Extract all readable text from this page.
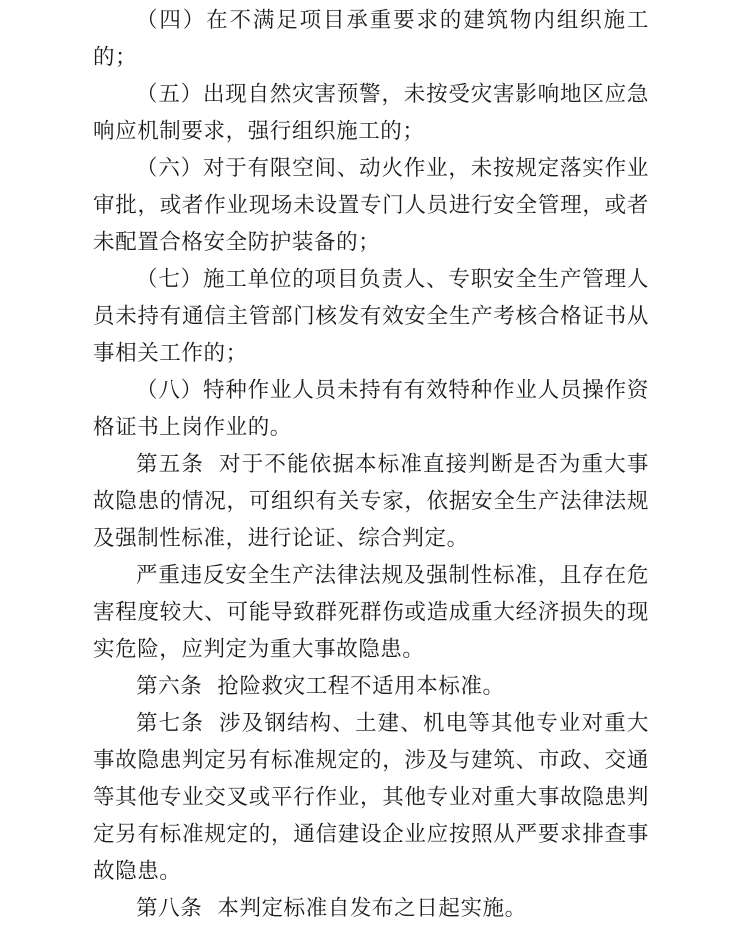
（四）在不满足项目承重要求的建筑物内组织施工的；

（五）出现自然灾害预警，未按受灾害影响地区应急响应机制要求，强行组织施工的；

（六）对于有限空间、动火作业，未按规定落实作业审批，或者作业现场未设置专门人员进行安全管理，或者未配置合格安全防护装备的；

（七）施工单位的项目负责人、专职安全生产管理人员未持有通信主管部门核发有效安全生产考核合格证书从事相关工作的；

（八）特种作业人员未持有有效特种作业人员操作资格证书上岗作业的。

第五条 对于不能依据本标准直接判断是否为重大事故隐患的情况，可组织有关专家，依据安全生产法律法规及强制性标准，进行论证、综合判定。

严重违反安全生产法律法规及强制性标准，且存在危害程度较大、可能导致群死群伤或造成重大经济损失的现实危险，应判定为重大事故隐患。

第六条 抢险救灾工程不适用本标准。

第七条 涉及钢结构、土建、机电等其他专业对重大事故隐患判定另有标准规定的，涉及与建筑、市政、交通等其他专业交叉或平行作业，其他专业对重大事故隐患判定另有标准规定的，通信建设企业应按照从严要求排查事故隐患。

第八条 本判定标准自发布之日起实施。
